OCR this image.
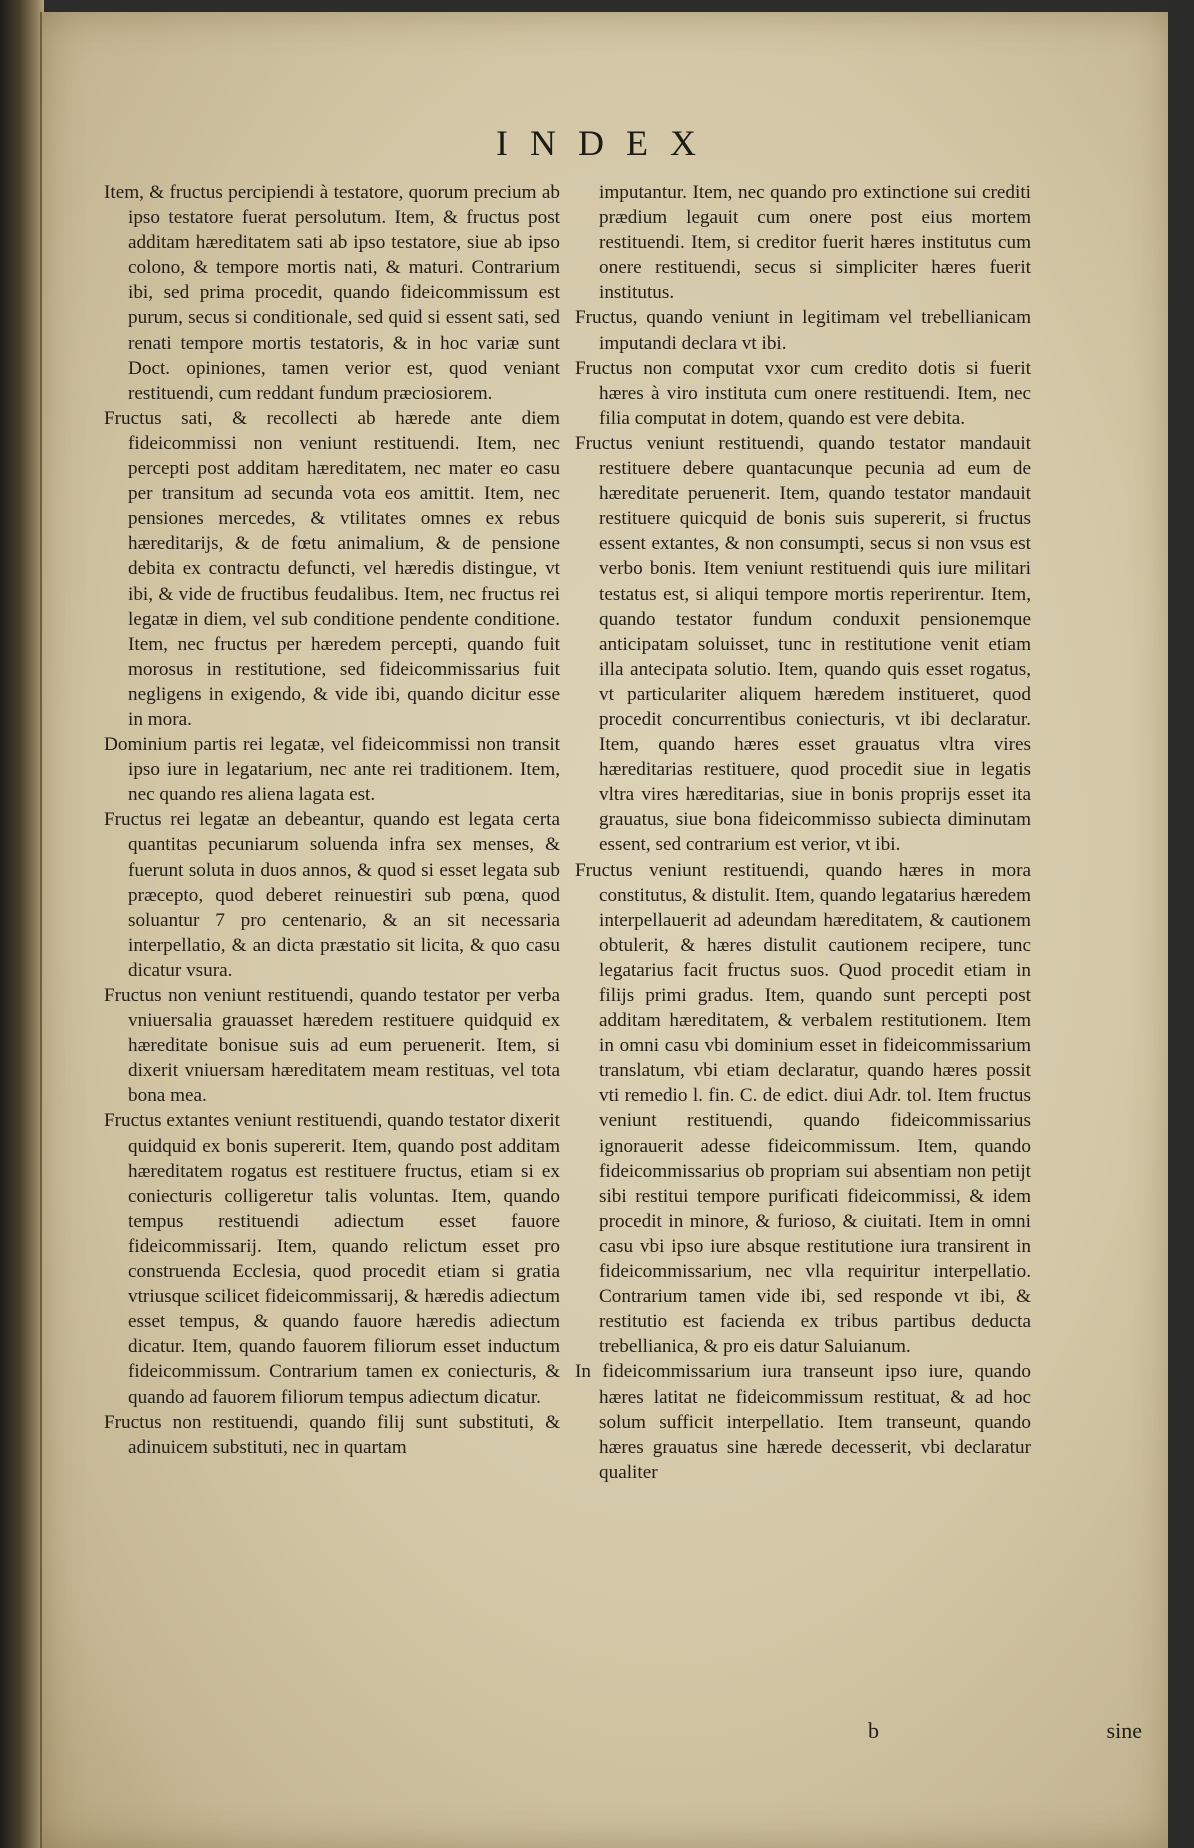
INDEX

Item, & fructus percipiendi à testatore, quorum precium ab ipso testatore fuerat persolutum. Item, & fructus post additam hæreditatem sati ab ipso testatore, siue ab ipso colono, & tempore mortis nati, & maturi. Contrarium ibi, sed prima procedit, quando fideicommissum est purum, secus si conditionale, sed quid si essent sati, sed renati tempore mortis testatoris, & in hoc variæ sunt Doct. opiniones, tamen verior est, quod veniant restituendi, cum reddant fundum præciosiorem.

Fructus sati, & recollecti ab hærede ante diem fideicommissi non veniunt restituendi. Item, nec percepti post additam hæreditatem, nec mater eo casu per transitum ad secunda vota eos amittit. Item, nec pensiones mercedes, & vtilitates omnes ex rebus hæreditarijs, & de fœtu animalium, & de pensione debita ex contractu defuncti, vel hæredis distingue, vt ibi, & vide de fructibus feudalibus. Item, nec fructus rei legatæ in diem, vel sub conditione pendente conditione. Item, nec fructus per hæredem percepti, quando fuit morosus in restitutione, sed fideicommissarius fuit negligens in exigendo, & vide ibi, quando dicitur esse in mora.

Dominium partis rei legatæ, vel fideicommissi non transit ipso iure in legatarium, nec ante rei traditionem. Item, nec quando res aliena lagata est.

Fructus rei legatæ an debeantur, quando est legata certa quantitas pecuniarum soluenda infra sex menses, & fuerunt soluta in duos annos, & quod si esset legata sub præcepto, quod deberet reinuestiri sub pœna, quod soluantur 7 pro centenario, & an sit necessaria interpellatio, & an dicta præstatio sit licita, & quo casu dicatur vsura.

Fructus non veniunt restituendi, quando testator per verba vniuersalia grauasset hæredem restituere quidquid ex hæreditate bonisue suis ad eum peruenerit. Item, si dixerit vniuersam hæreditatem meam restituas, vel tota bona mea.

Fructus extantes veniunt restituendi, quando testator dixerit quidquid ex bonis supererit. Item, quando post additam hæreditatem rogatus est restituere fructus, etiam si ex coniecturis colligeretur talis voluntas. Item, quando tempus restituendi adiectum esset fauore fideicommissarij. Item, quando relictum esset pro construenda Ecclesia, quod procedit etiam si gratia vtriusque scilicet fideicommissarij, & hæredis adiectum esset tempus, & quando fauore hæredis adiectum dicatur. Item, quando fauorem filiorum esset inductum fideicommissum. Contrarium tamen ex coniecturis, & quando ad fauorem filiorum tempus adiectum dicatur.

Fructus non restituendi, quando filij sunt substituti, & adinuicem substituti, nec in quartam

imputantur. Item, nec quando pro extinctione sui crediti prædium legauit cum onere post eius mortem restituendi. Item, si creditor fuerit hæres institutus cum onere restituendi, secus si simpliciter hæres fuerit institutus.

Fructus, quando veniunt in legitimam vel trebellianicam imputandi declara vt ibi.

Fructus non computat vxor cum credito dotis si fuerit hæres à viro instituta cum onere restituendi. Item, nec filia computat in dotem, quando est vere debita.

Fructus veniunt restituendi, quando testator mandauit restituere debere quantacunque pecunia ad eum de hæreditate peruenerit. Item, quando testator mandauit restituere quicquid de bonis suis supererit, si fructus essent extantes, & non consumpti, secus si non vsus est verbo bonis. Item veniunt restituendi quis iure militari testatus est, si aliqui tempore mortis reperirentur. Item, quando testator fundum conduxit pensionemque anticipatam soluisset, tunc in restitutione venit etiam illa antecipata solutio. Item, quando quis esset rogatus, vt particulariter aliquem hæredem institueret, quod procedit concurrentibus coniecturis, vt ibi declaratur. Item, quando hæres esset grauatus vltra vires hæreditarias restituere, quod procedit siue in legatis vltra vires hæreditarias, siue in bonis proprijs esset ita grauatus, siue bona fideicommisso subiecta diminutam essent, sed contrarium est verior, vt ibi.

Fructus veniunt restituendi, quando hæres in mora constitutus, & distulit. Item, quando legatarius hæredem interpellauerit ad adeundam hæreditatem, & cautionem obtulerit, & hæres distulit cautionem recipere, tunc legatarius facit fructus suos. Quod procedit etiam in filijs primi gradus. Item, quando sunt percepti post additam hæreditatem, & verbalem restitutionem. Item in omni casu vbi dominium esset in fideicommissarium translatum, vbi etiam declaratur, quando hæres possit vti remedio l. fin. C. de edict. diui Adr. tol. Item fructus veniunt restituendi, quando fideicommissarius ignorauerit adesse fideicommissum. Item, quando fideicommissarius ob propriam sui absentiam non petijt sibi restitui tempore purificati fideicommissi, & idem procedit in minore, & furioso, & ciuitati. Item in omni casu vbi ipso iure absque restitutione iura transirent in fideicommissarium, nec vlla requiritur interpellatio. Contrarium tamen vide ibi, sed responde vt ibi, & restitutio est facienda ex tribus partibus deducta trebellianica, & pro eis datur Saluianum.

In fideicommissarium iura transeunt ipso iure, quando hæres latitat ne fideicommissum restituat, & ad hoc solum sufficit interpellatio. Item transeunt, quando hæres grauatus sine hærede decesserit, vbi declaratur qualiter

b	sine
